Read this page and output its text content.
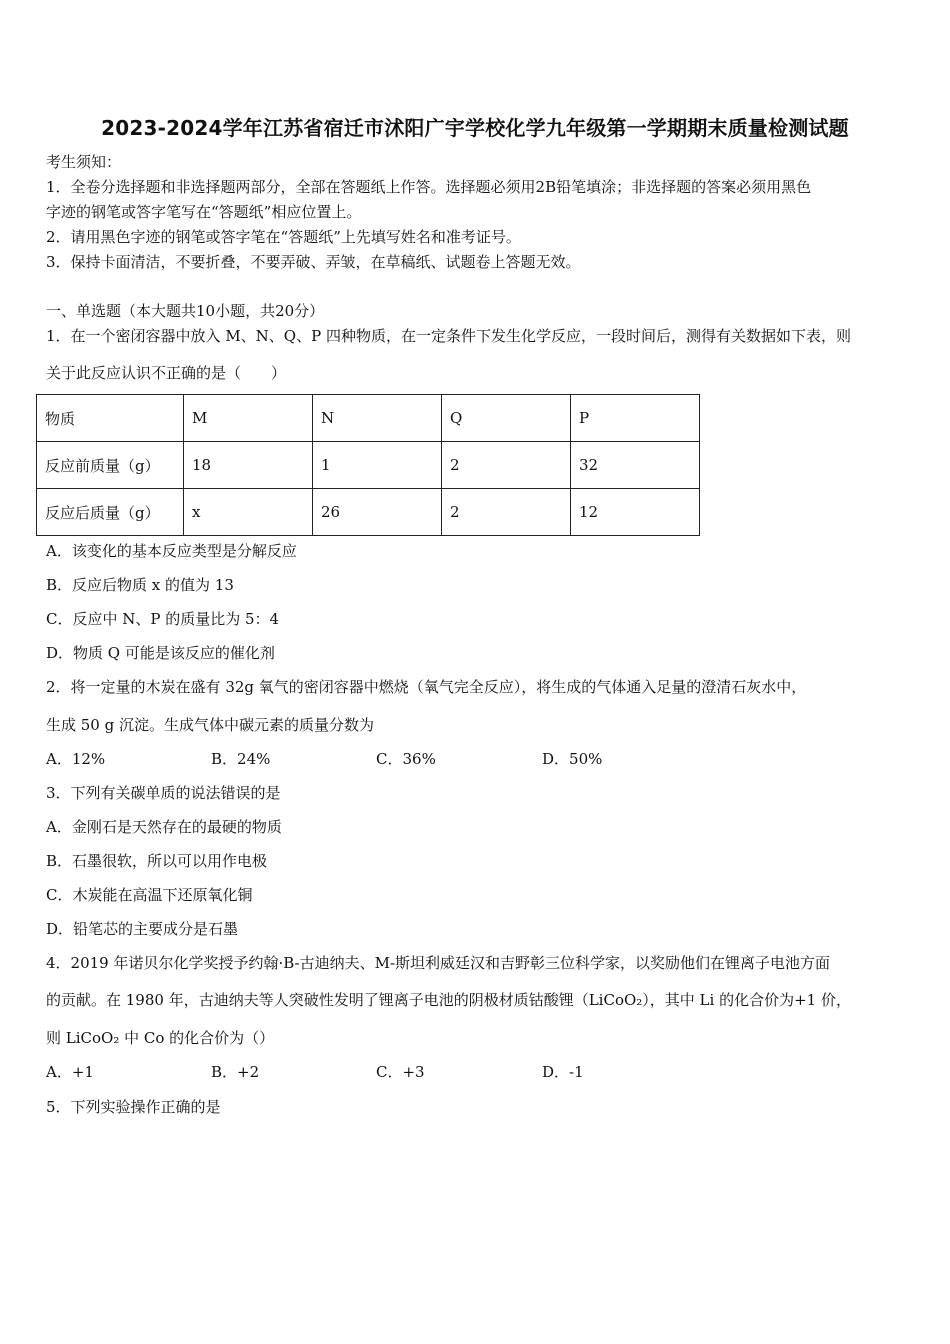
2023-2024学年江苏省宿迁市沭阳广宇学校化学九年级第一学期期末质量检测试题
考生须知：
1．全卷分选择题和非选择题两部分，全部在答题纸上作答。选择题必须用2B铅笔填涂；非选择题的答案必须用黑色
字迹的钢笔或答字笔写在“答题纸”相应位置上。
2．请用黑色字迹的钢笔或答字笔在“答题纸”上先填写姓名和准考证号。
3．保持卡面清洁，不要折叠，不要弄破、弄皱，在草稿纸、试题卷上答题无效。
一、单选题（本大题共10小题，共20分）
1．在一个密闭容器中放入 M、N、Q、P 四种物质，在一定条件下发生化学反应，一段时间后，测得有关数据如下表，则
关于此反应认识不正确的是（　　）
物质	M	N	Q	P
反应前质量（g）	18	1	2	32
反应后质量（g）	x	26	2	12
A．该变化的基本反应类型是分解反应
B．反应后物质 x 的值为 13
C．反应中 N、P 的质量比为 5：4
D．物质 Q 可能是该反应的催化剂
2．将一定量的木炭在盛有 32g 氧气的密闭容器中燃烧（氧气完全反应），将生成的气体通入足量的澄清石灰水中，
生成 50 g 沉淀。生成气体中碳元素的质量分数为
A．12%	B．24%	C．36%	D．50%
3．下列有关碳单质的说法错误的是
A．金刚石是天然存在的最硬的物质
B．石墨很软，所以可以用作电极
C．木炭能在高温下还原氧化铜
D．铅笔芯的主要成分是石墨
4．2019 年诺贝尔化学奖授予约翰·B-古迪纳夫、M-斯坦利威廷汉和吉野彰三位科学家，以奖励他们在锂离子电池方面
的贡献。在 1980 年，古迪纳夫等人突破性发明了锂离子电池的阴极材质钴酸锂（LiCoO₂），其中 Li 的化合价为+1 价，
则 LiCoO₂ 中 Co 的化合价为（）
A．+1	B．+2	C．+3	D．-1
5．下列实验操作正确的是
